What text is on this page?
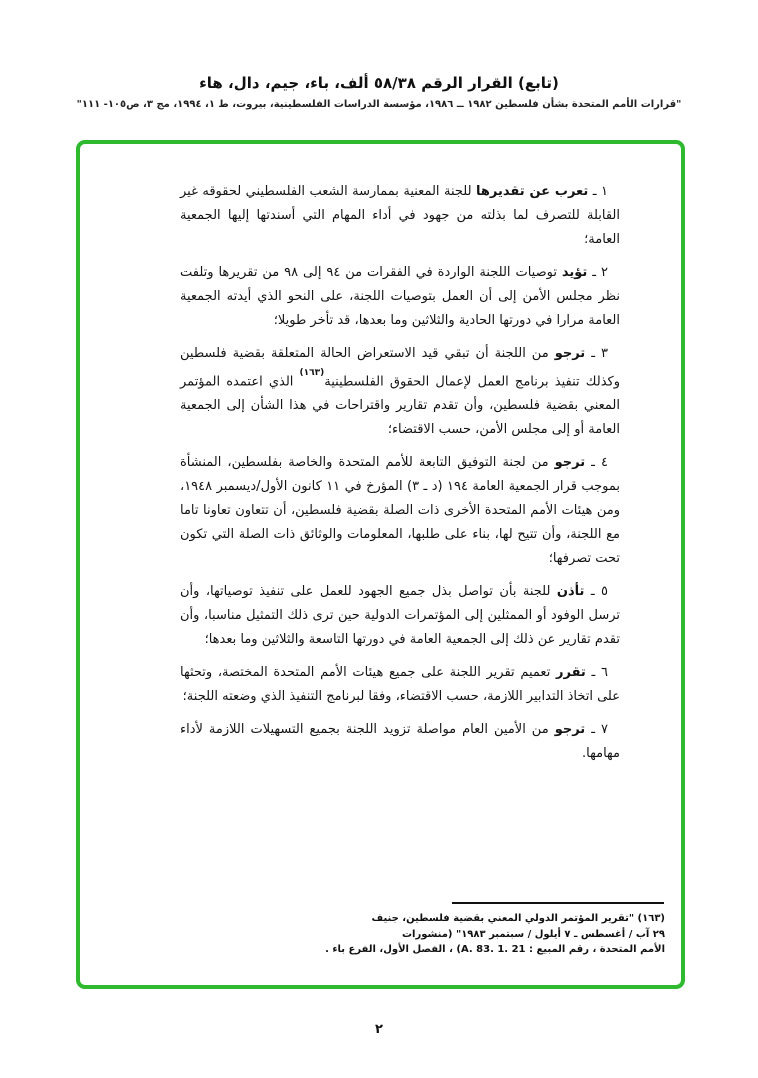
(تابع) القرار الرقم ٥٨/٣٨ ألف، باء، جيم، دال، هاء
"قرارات الأمم المتحدة بشأن فلسطين ١٩٨٢ ــ ١٩٨٦، مؤسسة الدراسات الفلسطينية، بيروت، ط ١، ١٩٩٤، مج ٣، ص١٠٥- ١١١"

١ ـ تعرب عن تقديرها للجنة المعنية بممارسة الشعب الفلسطيني لحقوقه غير القابلة للتصرف لما بذلته من جهود في أداء المهام التي أسندتها إليها الجمعية العامة؛

٢ ـ تؤيد توصيات اللجنة الواردة في الفقرات من ٩٤ إلى ٩٨ من تقريرها وتلفت نظر مجلس الأمن إلى أن العمل بتوصيات اللجنة، على النحو الذي أيدته الجمعية العامة مرارا في دورتها الحادية والثلاثين وما بعدها، قد تأخر طويلا؛

٣ ـ ترجو من اللجنة أن تبقي قيد الاستعراض الحالة المتعلقة بقضية فلسطين وكذلك تنفيذ برنامج العمل لإعمال الحقوق الفلسطينية$^{(١٦٣)}$ الذي اعتمده المؤتمر المعني بقضية فلسطين، وأن تقدم تقارير واقتراحات في هذا الشأن إلى الجمعية العامة أو إلى مجلس الأمن، حسب الاقتضاء؛

٤ ـ ترجو من لجنة التوفيق التابعة للأمم المتحدة والخاصة بفلسطين، المنشأة بموجب قرار الجمعية العامة ١٩٤ (د ـ ٣) المؤرخ في ١١ كانون الأول/ديسمبر ١٩٤٨، ومن هيئات الأمم المتحدة الأخرى ذات الصلة بقضية فلسطين، أن تتعاون تعاونا تاما مع اللجنة، وأن تتيح لها، بناء على طلبها، المعلومات والوثائق ذات الصلة التي تكون تحت تصرفها؛

٥ ـ تأذن للجنة بأن تواصل بذل جميع الجهود للعمل على تنفيذ توصياتها، وأن ترسل الوفود أو الممثلين إلى المؤتمرات الدولية حين ترى ذلك التمثيل مناسبا، وأن تقدم تقارير عن ذلك إلى الجمعية العامة في دورتها التاسعة والثلاثين وما بعدها؛

٦ ـ تقرر تعميم تقرير اللجنة على جميع هيئات الأمم المتحدة المختصة، وتحثها على اتخاذ التدابير اللازمة، حسب الاقتضاء، وفقا لبرنامج التنفيذ الذي وضعته اللجنة؛

٧ ـ ترجو من الأمين العام مواصلة تزويد اللجنة بجميع التسهيلات اللازمة لأداء مهامها.

(١٦٣) "تقرير المؤتمر الدولي المعني بقضية فلسطين، جنيف
٢٩ آب / أغسطس ـ ٧ أيلول / سبتمبر ١٩٨٣" (منشورات
الأمم المتحدة ، رقم المبيع : (A. 83. 1. 21 ، الفصل الأول، الفرع باء .
٢
